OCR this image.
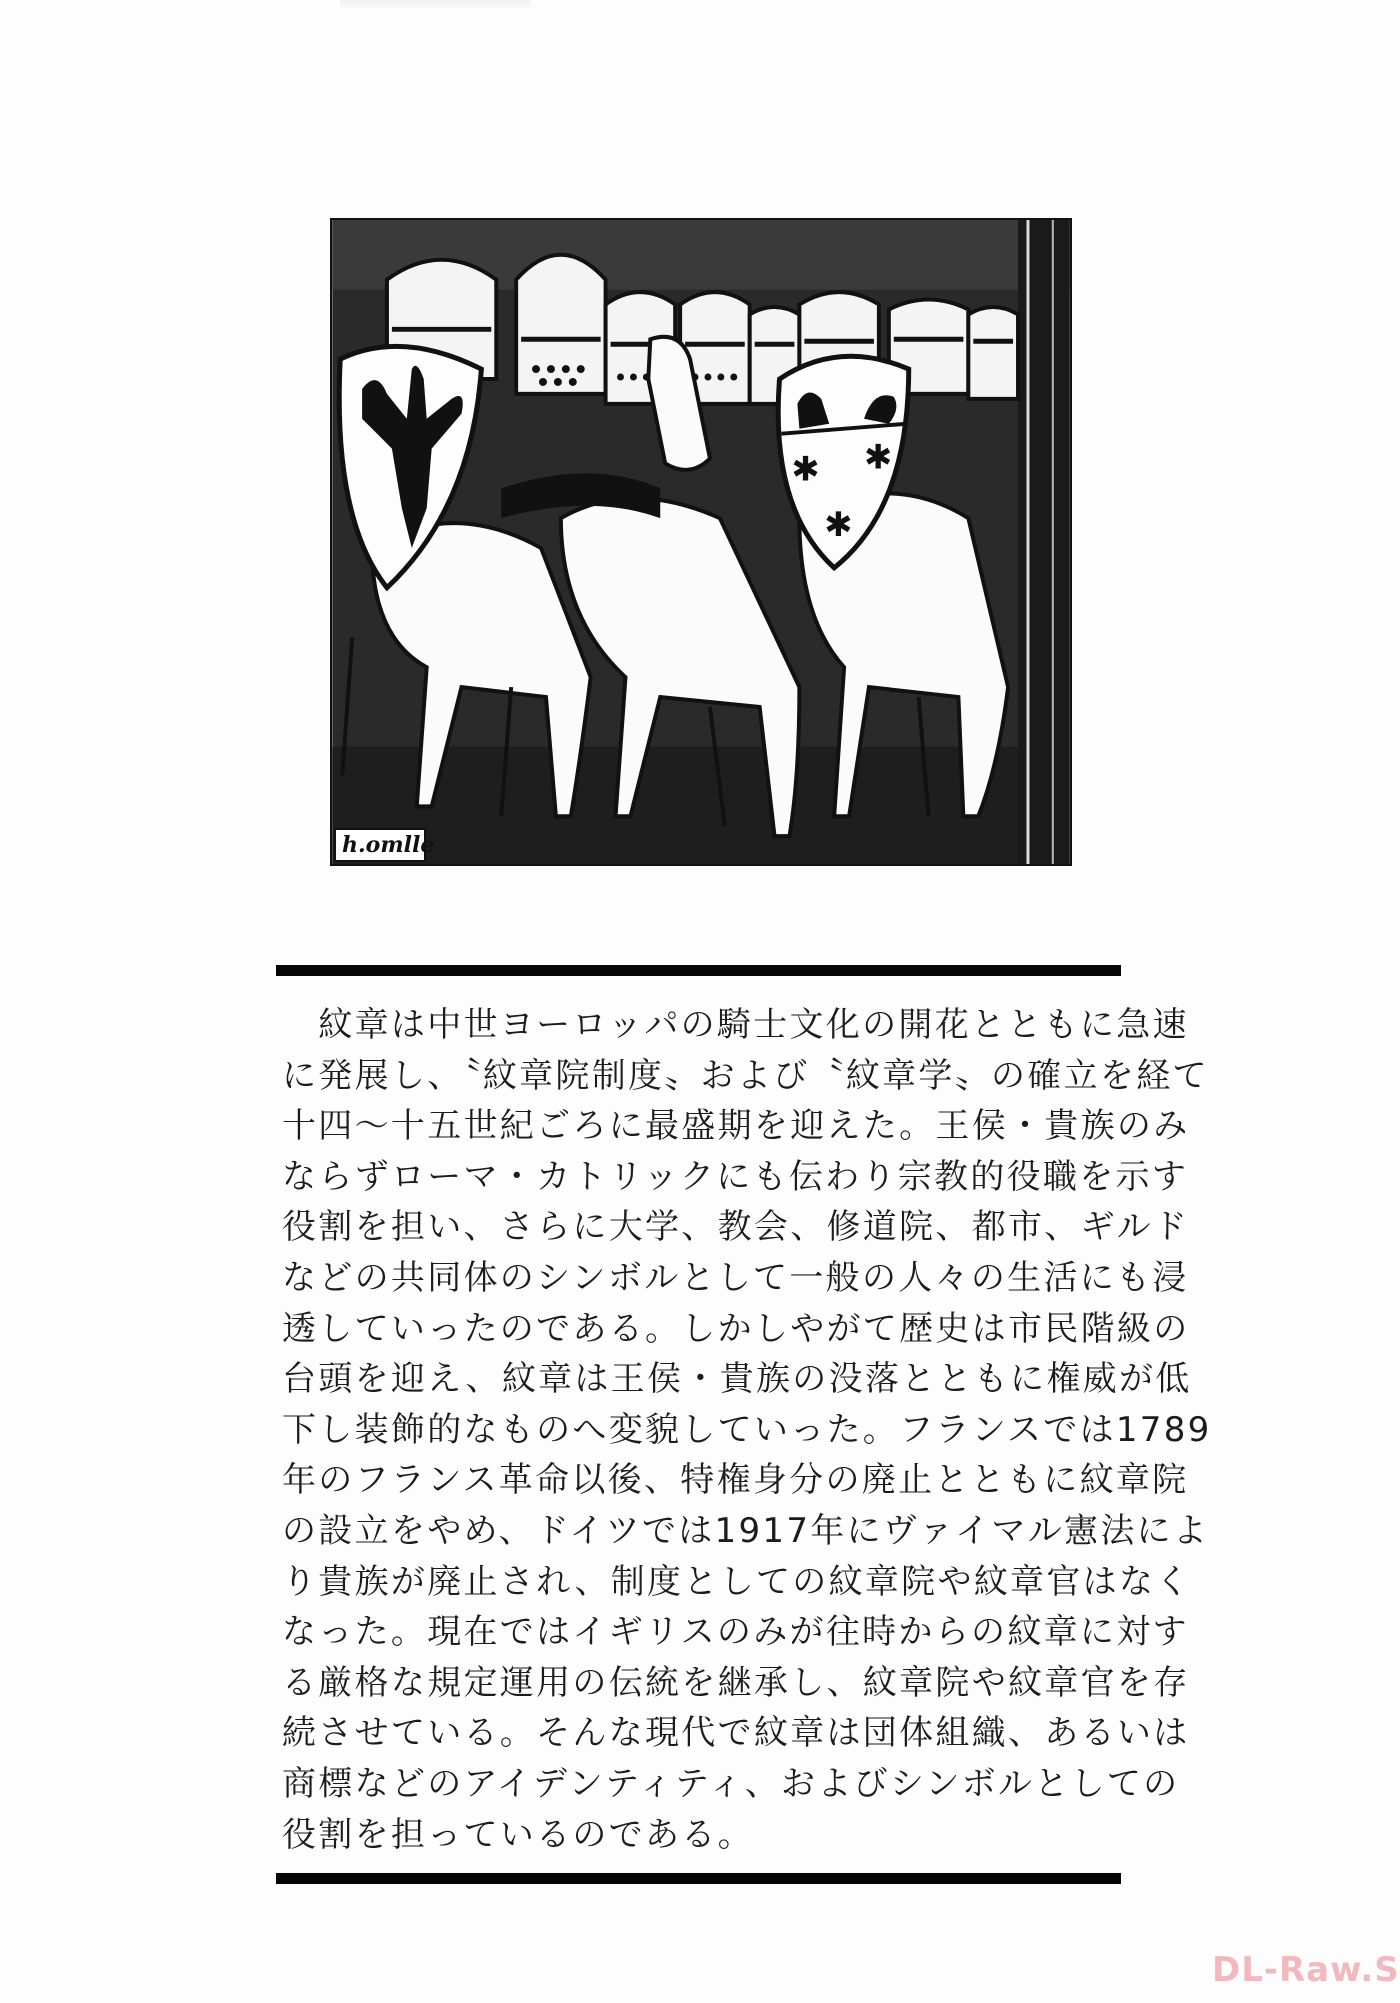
✱ ✱
✱
h.omlle
　紋章は中世ヨーロッパの騎士文化の開花とともに急速
に発展し、〝紋章院制度〟および〝紋章学〟の確立を経て
十四〜十五世紀ごろに最盛期を迎えた。王侯・貴族のみ
ならずローマ・カトリックにも伝わり宗教的役職を示す
役割を担い、さらに大学、教会、修道院、都市、ギルド
などの共同体のシンボルとして一般の人々の生活にも浸
透していったのである。しかしやがて歴史は市民階級の
台頭を迎え、紋章は王侯・貴族の没落とともに権威が低
下し装飾的なものへ変貌していった。フランスでは1789
年のフランス革命以後、特権身分の廃止とともに紋章院
の設立をやめ、ドイツでは1917年にヴァイマル憲法によ
り貴族が廃止され、制度としての紋章院や紋章官はなく
なった。現在ではイギリスのみが往時からの紋章に対す
る厳格な規定運用の伝統を継承し、紋章院や紋章官を存
続させている。そんな現代で紋章は団体組織、あるいは
商標などのアイデンティティ、およびシンボルとしての
役割を担っているのである。
DL-Raw.S
